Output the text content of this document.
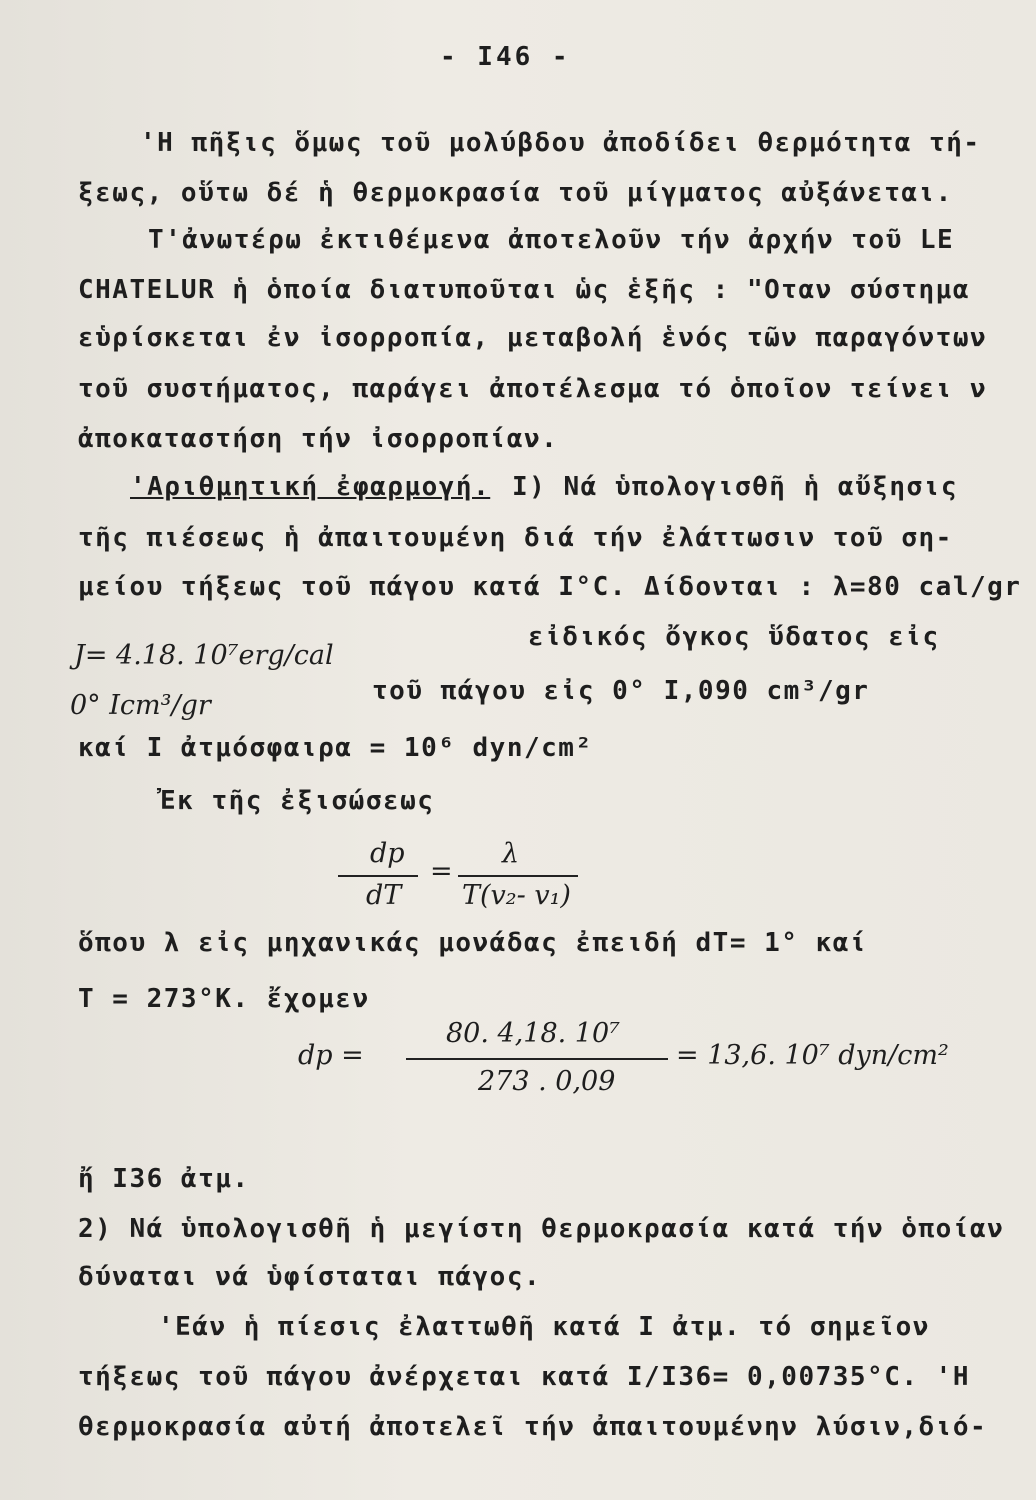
- I46 -
'Η πῆξις ὅμως τοῦ μολύβδου ἀποδίδει θερμότητα τή-
ξεως, οὕτω δέ ἡ θερμοκρασία τοῦ μίγματος αὐξάνεται.
Τ'ἀνωτέρω ἐκτιθέμενα ἀποτελοῦν τήν ἀρχήν τοῦ LE
CHATELUR ἡ ὁποία διατυποῦται ὡς ἑξῆς : "Οταν σύστημα
εὑρίσκεται ἐν ἰσορροπία, μεταβολή ἑνός τῶν παραγόντων
τοῦ συστήματος, παράγει ἀποτέλεσμα τό ὁποῖον τείνει ν
ἀποκαταστήση τήν ἰσορροπίαν.
'Αριθμητική ἐφαρμογή. I) Νά ὑπολογισθῆ ἡ αὔξησις
τῆς πιέσεως ἡ ἀπαιτουμένη διά τήν ἐλάττωσιν τοῦ ση-
μείου τήξεως τοῦ πάγου κατά I°C. Δίδονται : λ=80 cal/gr
J= 4.18. 10⁷erg/cal
εἰδικός ὄγκος ὕδατος εἰς
0° Icm³/gr	τοῦ πάγου εἰς 0° I,090 cm³/gr
καί I ἀτμόσφαιρα = 10⁶ dyn/cm²
Ἐκ τῆς ἐξισώσεως
dp
dT
=
λ
T(v₂- v₁)
ὅπου λ εἰς μηχανικάς μονάδας ἐπειδή dT= 1° καί
T = 273°K. ἔχομεν
dp =
80. 4,18. 10⁷
273 . 0,09
= 13,6. 10⁷ dyn/cm²
ἤ I36 ἀτμ.
2) Νά ὑπολογισθῆ ἡ μεγίστη θερμοκρασία κατά τήν ὁποίαν
δύναται νά ὑφίσταται πάγος.
'Εάν ἡ πίεσις ἐλαττωθῆ κατά I ἀτμ. τό σημεῖον
τήξεως τοῦ πάγου ἀνέρχεται κατά I/I36= 0,00735°C. 'Η
θερμοκρασία αὐτή ἀποτελεῖ τήν ἀπαιτουμένην λύσιν,διό-
